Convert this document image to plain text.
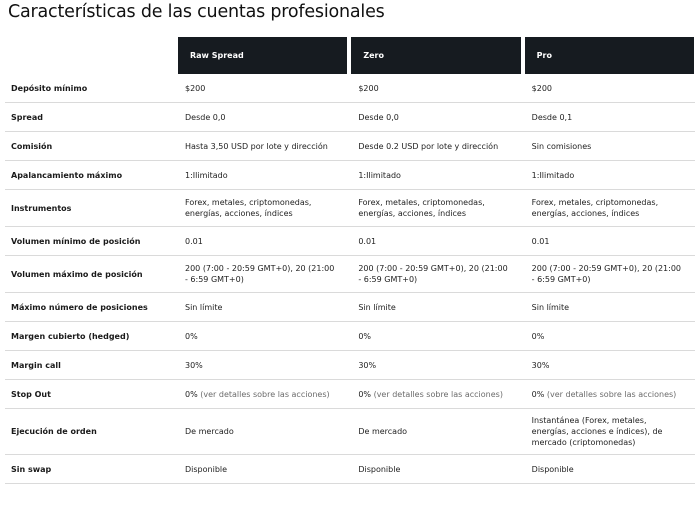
Características de las cuentas profesionales
	Raw Spread	Zero	Pro
Depósito mínimo	$200	$200	$200
Spread	Desde 0,0	Desde 0,0	Desde 0,1
Comisión	Hasta 3,50 USD por lote y dirección	Desde 0.2 USD por lote y dirección	Sin comisiones
Apalancamiento máximo	1:Ilimitado	1:Ilimitado	1:Ilimitado
Instrumentos	Forex, metales, criptomonedas, energías, acciones, índices	Forex, metales, criptomonedas, energías, acciones, índices	Forex, metales, criptomonedas, energías, acciones, índices
Volumen mínimo de posición	0.01	0.01	0.01
Volumen máximo de posición	200 (7:00 - 20:59 GMT+0), 20 (21:00 - 6:59 GMT+0)	200 (7:00 - 20:59 GMT+0), 20 (21:00 - 6:59 GMT+0)	200 (7:00 - 20:59 GMT+0), 20 (21:00 - 6:59 GMT+0)
Máximo número de posiciones	Sin límite	Sin límite	Sin límite
Margen cubierto (hedged)	0%	0%	0%
Margin call	30%	30%	30%
Stop Out	0% (ver detalles sobre las acciones)	0% (ver detalles sobre las acciones)	0% (ver detalles sobre las acciones)
Ejecución de orden	De mercado	De mercado	Instantánea (Forex, metales, energías, acciones e índices), de mercado (criptomonedas)
Sin swap	Disponible	Disponible	Disponible
